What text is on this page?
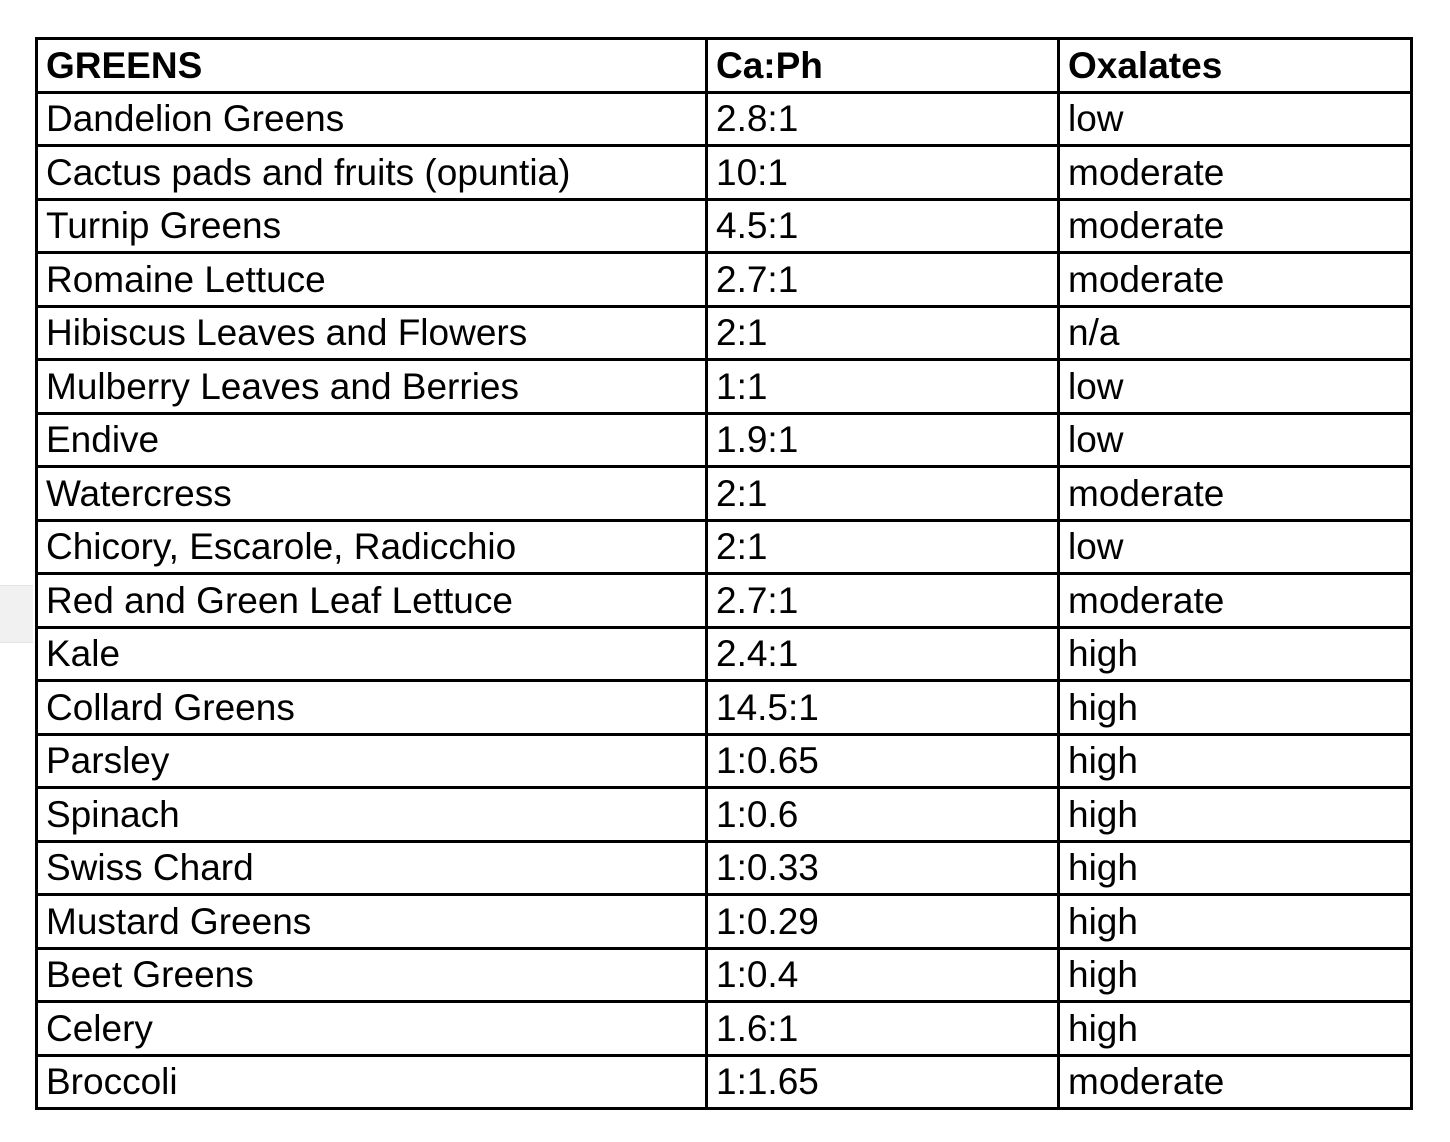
GREENS	Ca:Ph	Oxalates
Dandelion Greens	2.8:1	low
Cactus pads and fruits (opuntia)	10:1	moderate
Turnip Greens	4.5:1	moderate
Romaine Lettuce	2.7:1	moderate
Hibiscus Leaves and Flowers	2:1	n/a
Mulberry Leaves and Berries	1:1	low
Endive	1.9:1	low
Watercress	2:1	moderate
Chicory, Escarole, Radicchio	2:1	low
Red and Green Leaf Lettuce	2.7:1	moderate
Kale	2.4:1	high
Collard Greens	14.5:1	high
Parsley	1:0.65	high
Spinach	1:0.6	high
Swiss Chard	1:0.33	high
Mustard Greens	1:0.29	high
Beet Greens	1:0.4	high
Celery	1.6:1	high
Broccoli	1:1.65	moderate
